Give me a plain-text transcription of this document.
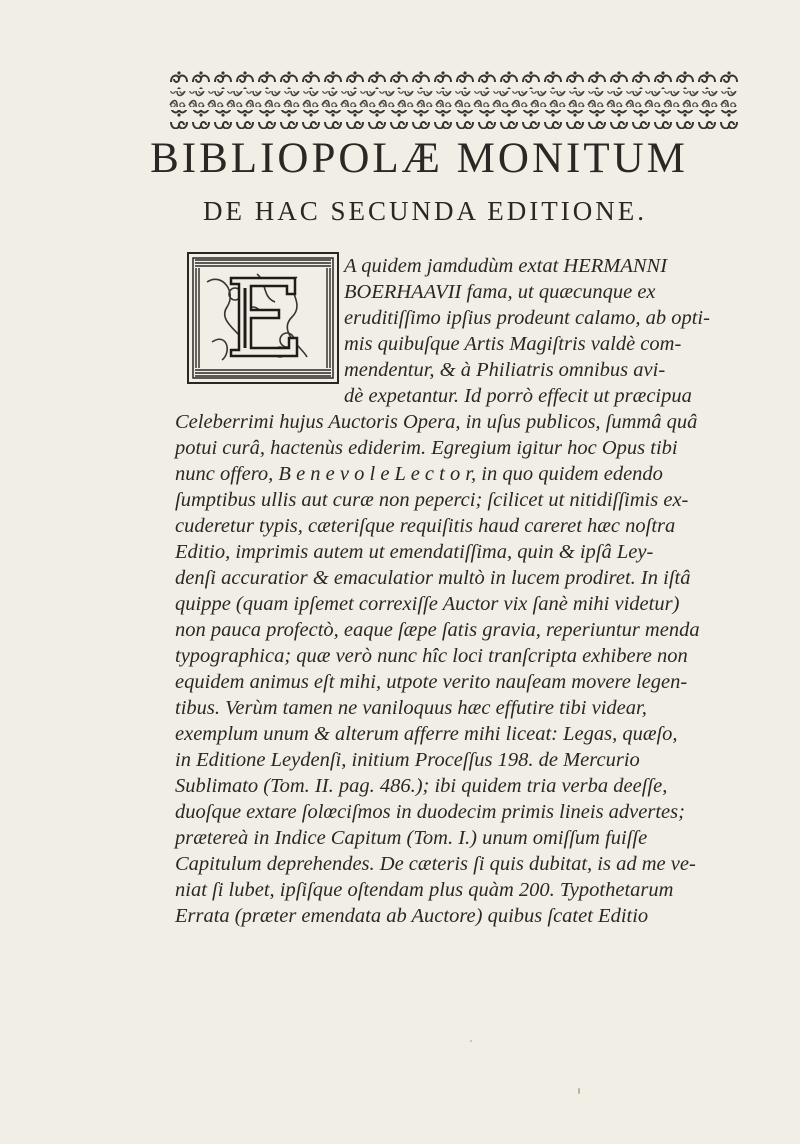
BIBLIOPOLÆ MONITUM
DE HAC SECUNDA EDITIONE.
A quidem jamdudùm extat HERMANNI
BOERHAAVII fama, ut quæcunque ex
eruditiſſimo ipſius prodeunt calamo, ab opti-
mis quibuſque Artis Magiſtris valdè com-
mendentur, & à Philiatris omnibus avi-
dè expetantur. Id porrò effecit ut præcipua
Celeberrimi hujus Auctoris Opera, in uſus publicos, ſummâ quâ
potui curâ, hactenùs ediderim. Egregium igitur hoc Opus tibi
nunc offero, B e n e v o l e L e c t o r, in quo quidem edendo
ſumptibus ullis aut curæ non peperci; ſcilicet ut nitidiſſimis ex-
cuderetur typis, cæteriſque requiſitis haud careret hæc noſtra
Editio, imprimis autem ut emendatiſſima, quin & ipſâ Ley-
denſi accuratior & emaculatior multò in lucem prodiret. In iſtâ
quippe (quam ipſemet correxiſſe Auctor vix ſanè mihi videtur)
non pauca profectò, eaque ſæpe ſatis gravia, reperiuntur menda
typographica; quæ verò nunc hîc loci tranſcripta exhibere non
equidem animus eſt mihi, utpote verito nauſeam movere legen-
tibus. Verùm tamen ne vaniloquus hæc effutire tibi videar,
exemplum unum & alterum afferre mihi liceat: Legas, quæſo,
in Editione Leydenſi, initium Proceſſus 198. de Mercurio
Sublimato (Tom. II. pag. 486.); ibi quidem tria verba deeſſe,
duoſque extare ſolœciſmos in duodecim primis lineis advertes;
prætereà in Indice Capitum (Tom. I.) unum omiſſum fuiſſe
Capitulum deprehendes. De cæteris ſi quis dubitat, is ad me ve-
niat ſi lubet, ipſiſque oſtendam plus quàm 200. Typothetarum
Errata (præter emendata ab Auctore) quibus ſcatet Editio
